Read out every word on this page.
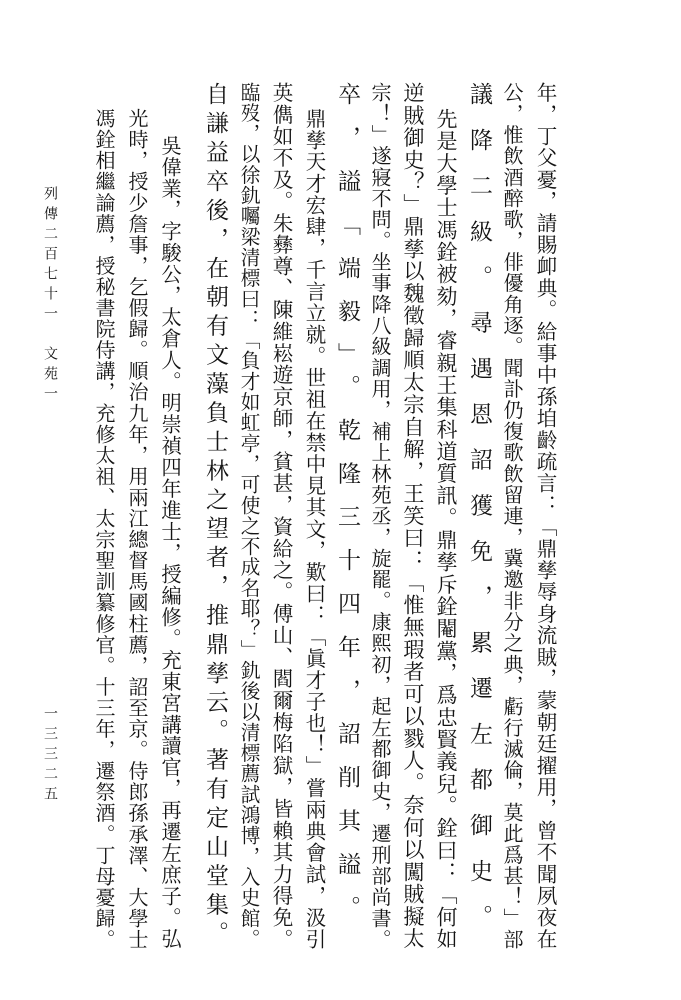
列傳二百七十一　文苑一
一三三二五	年，丁父憂，請賜卹典。給事中孫垍齡疏言：「鼎孳辱身流賊，蒙朝廷擢用，曾不聞夙夜在
公，惟飲酒醉歌，俳優角逐。聞訃仍復歌飲留連，冀邀非分之典，虧行滅倫，莫此爲甚！」部
議降二級。尋遇恩詔獲免，累遷左都御史。
先是大學士馮銓被劾，睿親王集科道質訊。鼎孳斥銓閹黨，爲忠賢義兒。銓曰：「何如
逆賊御史？」鼎孳以魏徵歸順太宗自解，王笑曰：「惟無瑕者可以戮人。奈何以闖賊擬太
宗！」遂寢不問。坐事降八級調用，補上林苑丞，旋罷。康熙初，起左都御史，遷刑部尚書。
卒，謚「端毅」。乾隆三十四年，詔削其謚。
鼎孳天才宏肆，千言立就。世祖在禁中見其文，歎曰：「眞才子也！」嘗兩典會試，汲引
英儁如不及。朱彝尊、陳維崧遊京師，貧甚，資給之。傅山、閻爾梅陷獄，皆賴其力得免。
臨歿，以徐釚囑梁清標曰：「負才如虹亭，可使之不成名耶？」釚後以清標薦試鴻博，入史館。
自謙益卒後，在朝有文藻負士林之望者，推鼎孳云。著有定山堂集。
吳偉業，字駿公，太倉人。明崇禎四年進士，授編修。充東宮講讀官，再遷左庶子。弘
光時，授少詹事，乞假歸。順治九年，用兩江總督馬國柱薦，詔至京。侍郎孫承澤、大學士
馮銓相繼論薦，授秘書院侍講，充修太祖、太宗聖訓纂修官。十三年，遷祭酒。丁母憂歸。
